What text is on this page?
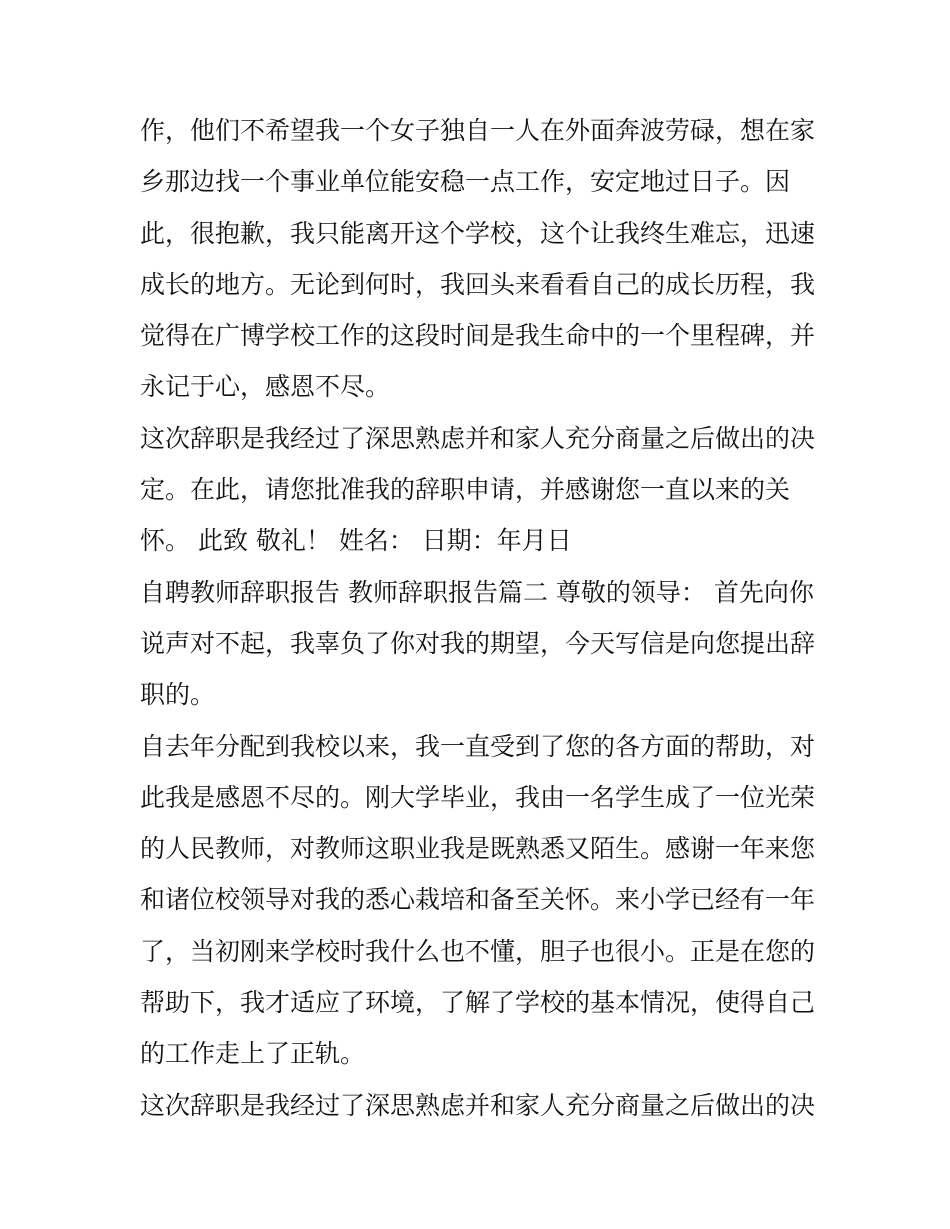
作，他们不希望我一个女子独自一人在外面奔波劳碌，想在家
乡那边找一个事业单位能安稳一点工作，安定地过日子。因
此，很抱歉，我只能离开这个学校，这个让我终生难忘，迅速
成长的地方。无论到何时，我回头来看看自己的成长历程，我
觉得在广博学校工作的这段时间是我生命中的一个里程碑，并
永记于心，感恩不尽。
这次辞职是我经过了深思熟虑并和家人充分商量之后做出的决
定。在此，请您批准我的辞职申请，并感谢您一直以来的关
怀。 此致 敬礼！ 姓名： 日期：年月日
自聘教师辞职报告 教师辞职报告篇二 尊敬的领导： 首先向你
说声对不起，我辜负了你对我的期望，今天写信是向您提出辞
职的。
自去年分配到我校以来，我一直受到了您的各方面的帮助，对
此我是感恩不尽的。刚大学毕业，我由一名学生成了一位光荣
的人民教师，对教师这职业我是既熟悉又陌生。感谢一年来您
和诸位校领导对我的悉心栽培和备至关怀。来小学已经有一年
了，当初刚来学校时我什么也不懂，胆子也很小。正是在您的
帮助下，我才适应了环境，了解了学校的基本情况，使得自己
的工作走上了正轨。
这次辞职是我经过了深思熟虑并和家人充分商量之后做出的决
